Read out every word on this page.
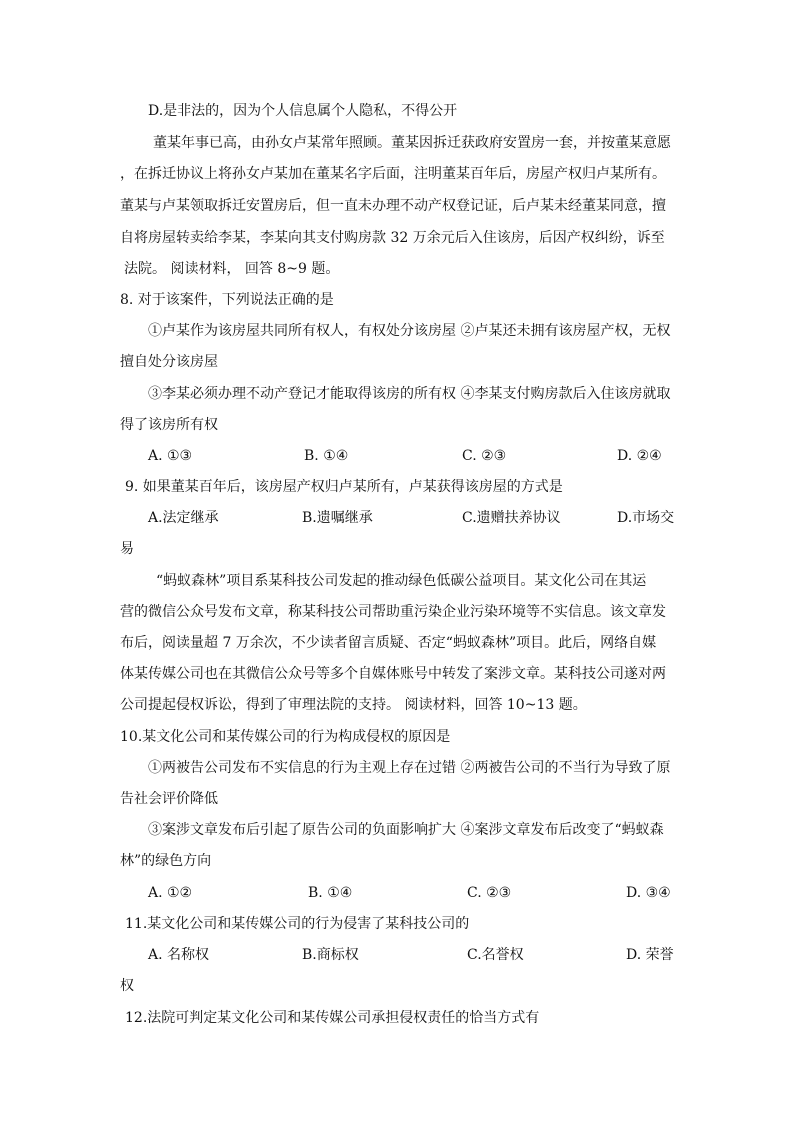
D.是非法的，因为个人信息属个人隐私，不得公开
董某年事已高，由孙女卢某常年照顾。董某因拆迁获政府安置房一套，并按董某意愿
，在拆迁协议上将孙女卢某加在董某名字后面，注明董某百年后，房屋产权归卢某所有。
董某与卢某领取拆迁安置房后，但一直未办理不动产权登记证，后卢某未经董某同意，擅
自将房屋转卖给李某，李某向其支付购房款 32 万余元后入住该房，后因产权纠纷，诉至
法院。 阅读材料， 回答 8~9 题。
8. 对于该案件，下列说法正确的是
①卢某作为该房屋共同所有权人，有权处分该房屋 ②卢某还未拥有该房屋产权，无权
擅自处分该房屋
③李某必须办理不动产登记才能取得该房的所有权 ④李某支付购房款后入住该房就取
得了该房所有权
A. ①③	B. ①④	C. ②③	D. ②④
9. 如果董某百年后，该房屋产权归卢某所有，卢某获得该房屋的方式是
A.法定继承	B.遗嘱继承	C.遗赠扶养协议	D.市场交
易
“蚂蚁森林”项目系某科技公司发起的推动绿色低碳公益项目。某文化公司在其运
营的微信公众号发布文章，称某科技公司帮助重污染企业污染环境等不实信息。该文章发
布后，阅读量超 7 万余次，不少读者留言质疑、否定“蚂蚁森林”项目。此后，网络自媒
体某传媒公司也在其微信公众号等多个自媒体账号中转发了案涉文章。某科技公司遂对两
公司提起侵权诉讼，得到了审理法院的支持。 阅读材料，回答 10~13 题。
10.某文化公司和某传媒公司的行为构成侵权的原因是
①两被告公司发布不实信息的行为主观上存在过错 ②两被告公司的不当行为导致了原
告社会评价降低
③案涉文章发布后引起了原告公司的负面影响扩大 ④案涉文章发布后改变了“蚂蚁森
林”的绿色方向
A. ①②	B. ①④	C. ②③	D. ③④
11.某文化公司和某传媒公司的行为侵害了某科技公司的
A. 名称权	B.商标权	C.名誉权	D. 荣誉
权
12.法院可判定某文化公司和某传媒公司承担侵权责任的恰当方式有
